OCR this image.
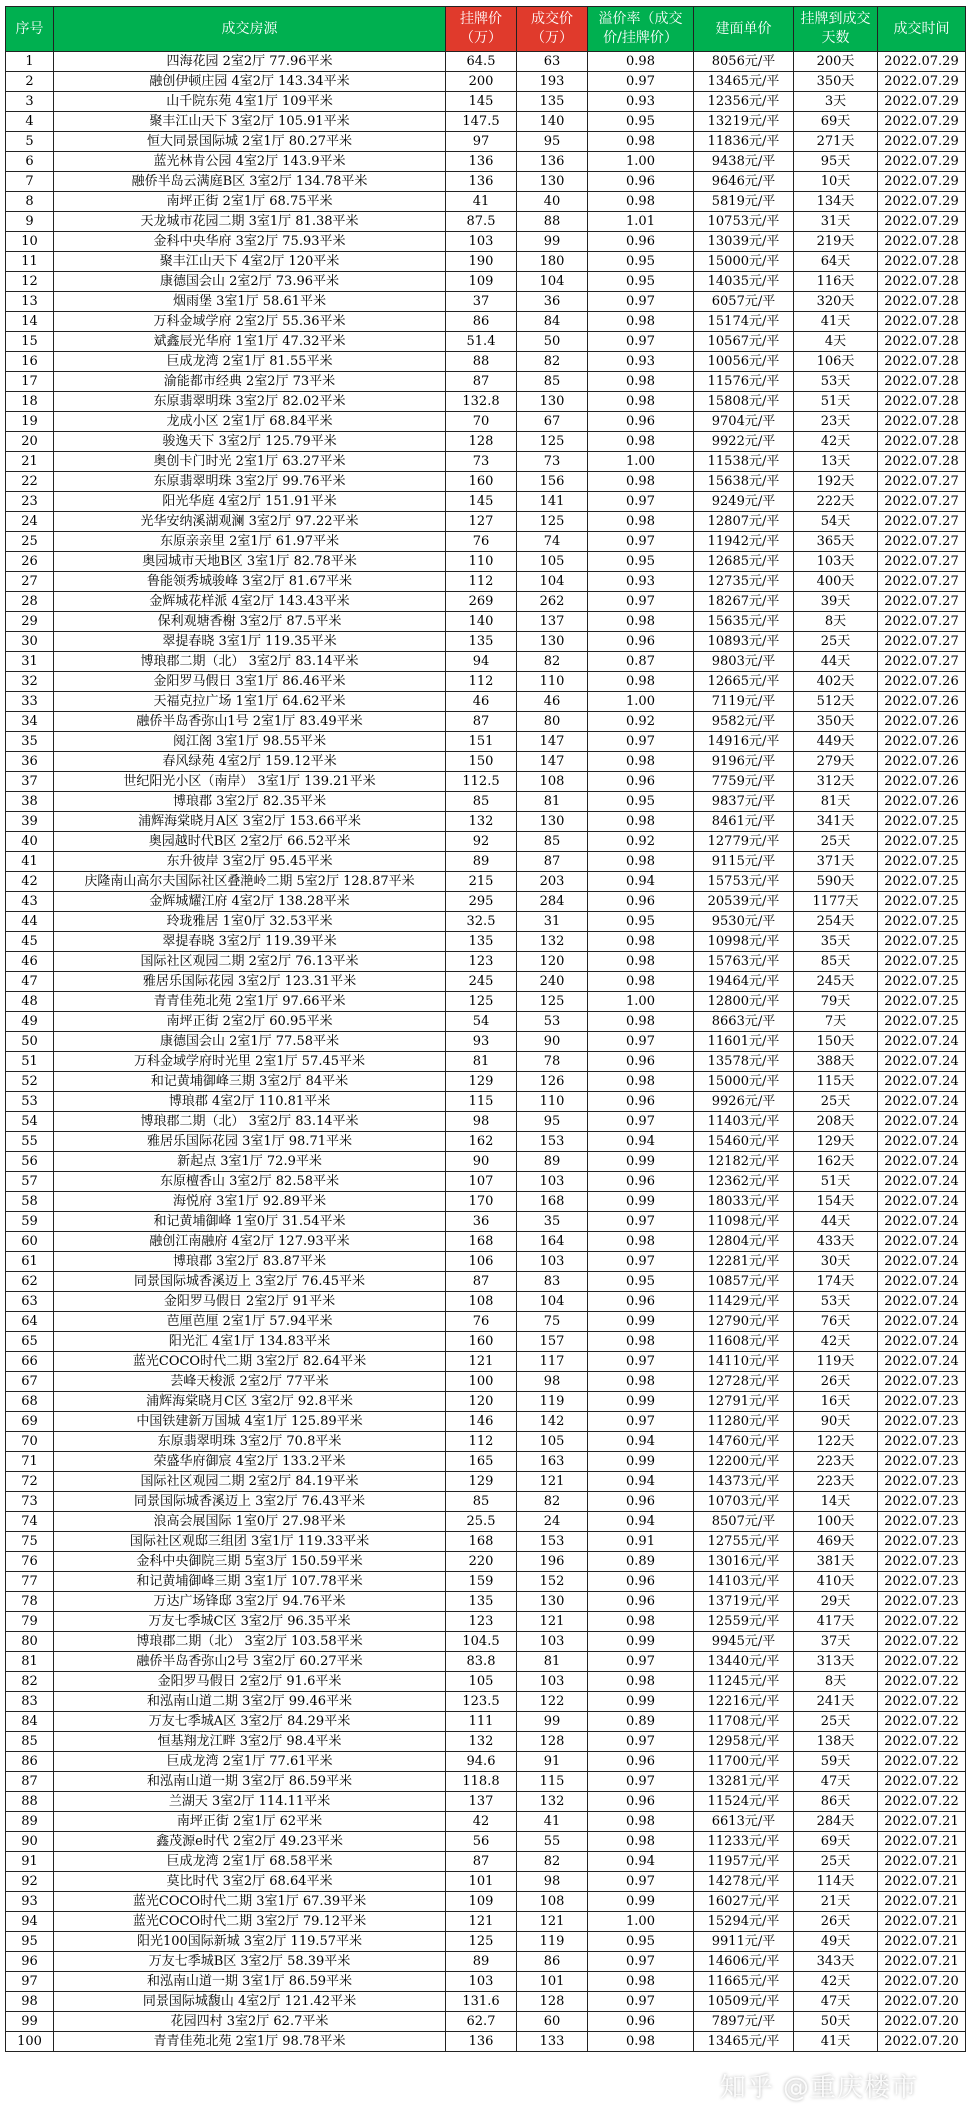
序号	成交房源	挂牌价（万）	成交价（万）	溢价率（成交价/挂牌价）	建面单价	挂牌到成交天数	成交时间
1	四海花园 2室2厅 77.96平米	64.5	63	0.98	8056元/平	200天	2022.07.29
2	融创伊顿庄园 4室2厅 143.34平米	200	193	0.97	13465元/平	350天	2022.07.29
3	山千院东苑 4室1厅 109平米	145	135	0.93	12356元/平	3天	2022.07.29
4	聚丰江山天下 3室2厅 105.91平米	147.5	140	0.95	13219元/平	69天	2022.07.29
5	恒大同景国际城 2室1厅 80.27平米	97	95	0.98	11836元/平	271天	2022.07.29
6	蓝光林肯公园 4室2厅 143.9平米	136	136	1.00	9438元/平	95天	2022.07.29
7	融侨半岛云满庭B区 3室2厅 134.78平米	136	130	0.96	9646元/平	10天	2022.07.29
8	南坪正街 2室1厅 68.75平米	41	40	0.98	5819元/平	134天	2022.07.29
9	天龙城市花园二期 3室1厅 81.38平米	87.5	88	1.01	10753元/平	31天	2022.07.29
10	金科中央华府 3室2厅 75.93平米	103	99	0.96	13039元/平	219天	2022.07.28
11	聚丰江山天下 4室2厅 120平米	190	180	0.95	15000元/平	64天	2022.07.28
12	康德国会山 2室2厅 73.96平米	109	104	0.95	14035元/平	116天	2022.07.28
13	烟雨堡 3室1厅 58.61平米	37	36	0.97	6057元/平	320天	2022.07.28
14	万科金域学府 2室2厅 55.36平米	86	84	0.98	15174元/平	41天	2022.07.28
15	斌鑫辰光华府 1室1厅 47.32平米	51.4	50	0.97	10567元/平	4天	2022.07.28
16	巨成龙湾 2室1厅 81.55平米	88	82	0.93	10056元/平	106天	2022.07.28
17	渝能都市经典 2室2厅 73平米	87	85	0.98	11576元/平	53天	2022.07.28
18	东原翡翠明珠 3室2厅 82.02平米	132.8	130	0.98	15808元/平	51天	2022.07.28
19	龙成小区 2室1厅 68.84平米	70	67	0.96	9704元/平	23天	2022.07.28
20	骏逸天下 3室2厅 125.79平米	128	125	0.98	9922元/平	42天	2022.07.28
21	奥创卡门时光 2室1厅 63.27平米	73	73	1.00	11538元/平	13天	2022.07.28
22	东原翡翠明珠 3室2厅 99.76平米	160	156	0.98	15638元/平	192天	2022.07.27
23	阳光华庭 4室2厅 151.91平米	145	141	0.97	9249元/平	222天	2022.07.27
24	光华安纳溪湖观澜 3室2厅 97.22平米	127	125	0.98	12807元/平	54天	2022.07.27
25	东原亲亲里 2室1厅 61.97平米	76	74	0.97	11942元/平	365天	2022.07.27
26	奥园城市天地B区 3室1厅 82.78平米	110	105	0.95	12685元/平	103天	2022.07.27
27	鲁能领秀城骏峰 3室2厅 81.67平米	112	104	0.93	12735元/平	400天	2022.07.27
28	金辉城花样派 4室2厅 143.43平米	269	262	0.97	18267元/平	39天	2022.07.27
29	保利观塘香榭 3室2厅 87.5平米	140	137	0.98	15635元/平	8天	2022.07.27
30	翠提春晓 3室1厅 119.35平米	135	130	0.96	10893元/平	25天	2022.07.27
31	博琅郡二期（北） 3室2厅 83.14平米	94	82	0.87	9803元/平	44天	2022.07.27
32	金阳罗马假日 3室1厅 86.46平米	112	110	0.98	12665元/平	402天	2022.07.26
33	天福克拉广场 1室1厅 64.62平米	46	46	1.00	7119元/平	512天	2022.07.26
34	融侨半岛香弥山1号 2室1厅 83.49平米	87	80	0.92	9582元/平	350天	2022.07.26
35	阅江阁 3室1厅 98.55平米	151	147	0.97	14916元/平	449天	2022.07.26
36	春风绿苑 4室2厅 159.12平米	150	147	0.98	9196元/平	279天	2022.07.26
37	世纪阳光小区（南岸） 3室1厅 139.21平米	112.5	108	0.96	7759元/平	312天	2022.07.26
38	博琅郡 3室2厅 82.35平米	85	81	0.95	9837元/平	81天	2022.07.26
39	浦辉海棠晓月A区 3室2厅 153.66平米	132	130	0.98	8461元/平	341天	2022.07.25
40	奥园越时代B区 2室2厅 66.52平米	92	85	0.92	12779元/平	25天	2022.07.25
41	东升彼岸 3室2厅 95.45平米	89	87	0.98	9115元/平	371天	2022.07.25
42	庆隆南山高尔夫国际社区叠滟岭二期 5室2厅 128.87平米	215	203	0.94	15753元/平	590天	2022.07.25
43	金辉城耀江府 4室2厅 138.28平米	295	284	0.96	20539元/平	1177天	2022.07.25
44	玲珑雅居 1室0厅 32.53平米	32.5	31	0.95	9530元/平	254天	2022.07.25
45	翠提春晓 3室2厅 119.39平米	135	132	0.98	10998元/平	35天	2022.07.25
46	国际社区观园二期 2室2厅 76.13平米	123	120	0.98	15763元/平	85天	2022.07.25
47	雅居乐国际花园 3室2厅 123.31平米	245	240	0.98	19464元/平	245天	2022.07.25
48	青青佳苑北苑 2室1厅 97.66平米	125	125	1.00	12800元/平	79天	2022.07.25
49	南坪正街 2室2厅 60.95平米	54	53	0.98	8663元/平	7天	2022.07.25
50	康德国会山 2室1厅 77.58平米	93	90	0.97	11601元/平	150天	2022.07.24
51	万科金域学府时光里 2室1厅 57.45平米	81	78	0.96	13578元/平	388天	2022.07.24
52	和记黄埔御峰三期 3室2厅 84平米	129	126	0.98	15000元/平	115天	2022.07.24
53	博琅郡 4室2厅 110.81平米	115	110	0.96	9926元/平	25天	2022.07.24
54	博琅郡二期（北） 3室2厅 83.14平米	98	95	0.97	11403元/平	208天	2022.07.24
55	雅居乐国际花园 3室1厅 98.71平米	162	153	0.94	15460元/平	129天	2022.07.24
56	新起点 3室1厅 72.9平米	90	89	0.99	12182元/平	162天	2022.07.24
57	东原檀香山 3室2厅 82.58平米	107	103	0.96	12362元/平	51天	2022.07.24
58	海悦府 3室1厅 92.89平米	170	168	0.99	18033元/平	154天	2022.07.24
59	和记黄埔御峰 1室0厅 31.54平米	36	35	0.97	11098元/平	44天	2022.07.24
60	融创江南融府 4室2厅 127.93平米	168	164	0.98	12804元/平	433天	2022.07.24
61	博琅郡 3室2厅 83.87平米	106	103	0.97	12281元/平	30天	2022.07.24
62	同景国际城香溪迈上 3室2厅 76.45平米	87	83	0.95	10857元/平	174天	2022.07.24
63	金阳罗马假日 2室2厅 91平米	108	104	0.96	11429元/平	53天	2022.07.24
64	芭厘芭厘 2室1厅 57.94平米	76	75	0.99	12790元/平	76天	2022.07.24
65	阳光汇 4室1厅 134.83平米	160	157	0.98	11608元/平	42天	2022.07.24
66	蓝光COCO时代二期 3室2厅 82.64平米	121	117	0.97	14110元/平	119天	2022.07.24
67	芸峰天梭派 2室2厅 77平米	100	98	0.98	12728元/平	26天	2022.07.23
68	浦辉海棠晓月C区 3室2厅 92.8平米	120	119	0.99	12791元/平	16天	2022.07.23
69	中国铁建新万国城 4室1厅 125.89平米	146	142	0.97	11280元/平	90天	2022.07.23
70	东原翡翠明珠 3室2厅 70.8平米	112	105	0.94	14760元/平	122天	2022.07.23
71	荣盛华府御宸 4室2厅 133.2平米	165	163	0.99	12200元/平	223天	2022.07.23
72	国际社区观园二期 2室2厅 84.19平米	129	121	0.94	14373元/平	223天	2022.07.23
73	同景国际城香溪迈上 3室2厅 76.43平米	85	82	0.96	10703元/平	14天	2022.07.23
74	浪高会展国际 1室0厅 27.98平米	25.5	24	0.94	8507元/平	100天	2022.07.23
75	国际社区观邸三组团 3室1厅 119.33平米	168	153	0.91	12755元/平	469天	2022.07.23
76	金科中央御院三期 5室3厅 150.59平米	220	196	0.89	13016元/平	381天	2022.07.23
77	和记黄埔御峰三期 3室1厅 107.78平米	159	152	0.96	14103元/平	410天	2022.07.23
78	万达广场锋邸 3室2厅 94.76平米	135	130	0.96	13719元/平	29天	2022.07.23
79	万友七季城C区 3室2厅 96.35平米	123	121	0.98	12559元/平	417天	2022.07.22
80	博琅郡二期（北） 3室2厅 103.58平米	104.5	103	0.99	9945元/平	37天	2022.07.22
81	融侨半岛香弥山2号 3室2厅 60.27平米	83.8	81	0.97	13440元/平	313天	2022.07.22
82	金阳罗马假日 2室2厅 91.6平米	105	103	0.98	11245元/平	8天	2022.07.22
83	和泓南山道二期 3室2厅 99.46平米	123.5	122	0.99	12216元/平	241天	2022.07.22
84	万友七季城A区 3室2厅 84.29平米	111	99	0.89	11708元/平	25天	2022.07.22
85	恒基翔龙江畔 3室2厅 98.4平米	132	128	0.97	12958元/平	138天	2022.07.22
86	巨成龙湾 2室1厅 77.61平米	94.6	91	0.96	11700元/平	59天	2022.07.22
87	和泓南山道一期 3室2厅 86.59平米	118.8	115	0.97	13281元/平	47天	2022.07.22
88	兰湖天 3室2厅 114.11平米	137	132	0.96	11524元/平	86天	2022.07.22
89	南坪正街 2室1厅 62平米	42	41	0.98	6613元/平	284天	2022.07.21
90	鑫茂源e时代 2室2厅 49.23平米	56	55	0.98	11233元/平	69天	2022.07.21
91	巨成龙湾 2室1厅 68.58平米	87	82	0.94	11957元/平	25天	2022.07.21
92	莫比时代 3室2厅 68.64平米	101	98	0.97	14278元/平	114天	2022.07.21
93	蓝光COCO时代二期 3室1厅 67.39平米	109	108	0.99	16027元/平	21天	2022.07.21
94	蓝光COCO时代二期 3室2厅 79.12平米	121	121	1.00	15294元/平	26天	2022.07.21
95	阳光100国际新城 3室2厅 119.57平米	125	119	0.95	9911元/平	49天	2022.07.21
96	万友七季城B区 3室2厅 58.39平米	89	86	0.97	14606元/平	343天	2022.07.21
97	和泓南山道一期 3室1厅 86.59平米	103	101	0.98	11665元/平	42天	2022.07.20
98	同景国际城馥山 4室2厅 121.42平米	131.6	128	0.97	10509元/平	47天	2022.07.20
99	花园四村 3室2厅 62.7平米	62.7	60	0.96	7897元/平	50天	2022.07.20
100	青青佳苑北苑 2室1厅 98.78平米	136	133	0.98	13465元/平	41天	2022.07.20
知乎 @重庆楼市
